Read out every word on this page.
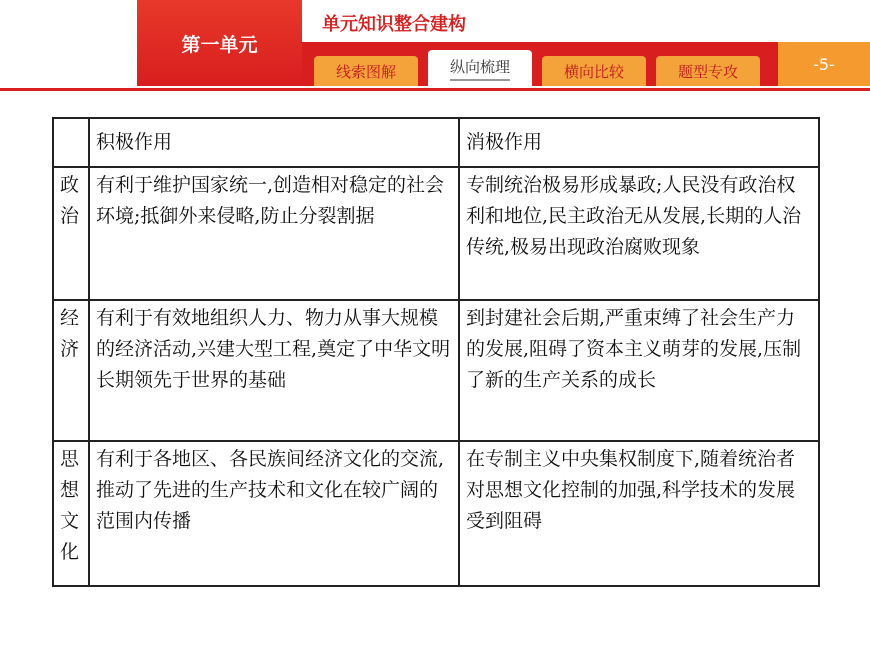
第一单元
单元知识整合建构
线索图解	纵向梳理	横向比较	题型专攻	-5-
	积极作用	消极作用
政治	有利于维护国家统一,创造相对稳定的社会环境;抵御外来侵略,防止分裂割据	专制统治极易形成暴政;人民没有政治权利和地位,民主政治无从发展,长期的人治传统,极易出现政治腐败现象
经济	有利于有效地组织人力、物力从事大规模的经济活动,兴建大型工程,奠定了中华文明长期领先于世界的基础	到封建社会后期,严重束缚了社会生产力的发展,阻碍了资本主义萌芽的发展,压制了新的生产关系的成长
思想文化	有利于各地区、各民族间经济文化的交流,推动了先进的生产技术和文化在较广阔的范围内传播	在专制主义中央集权制度下,随着统治者对思想文化控制的加强,科学技术的发展受到阻碍
